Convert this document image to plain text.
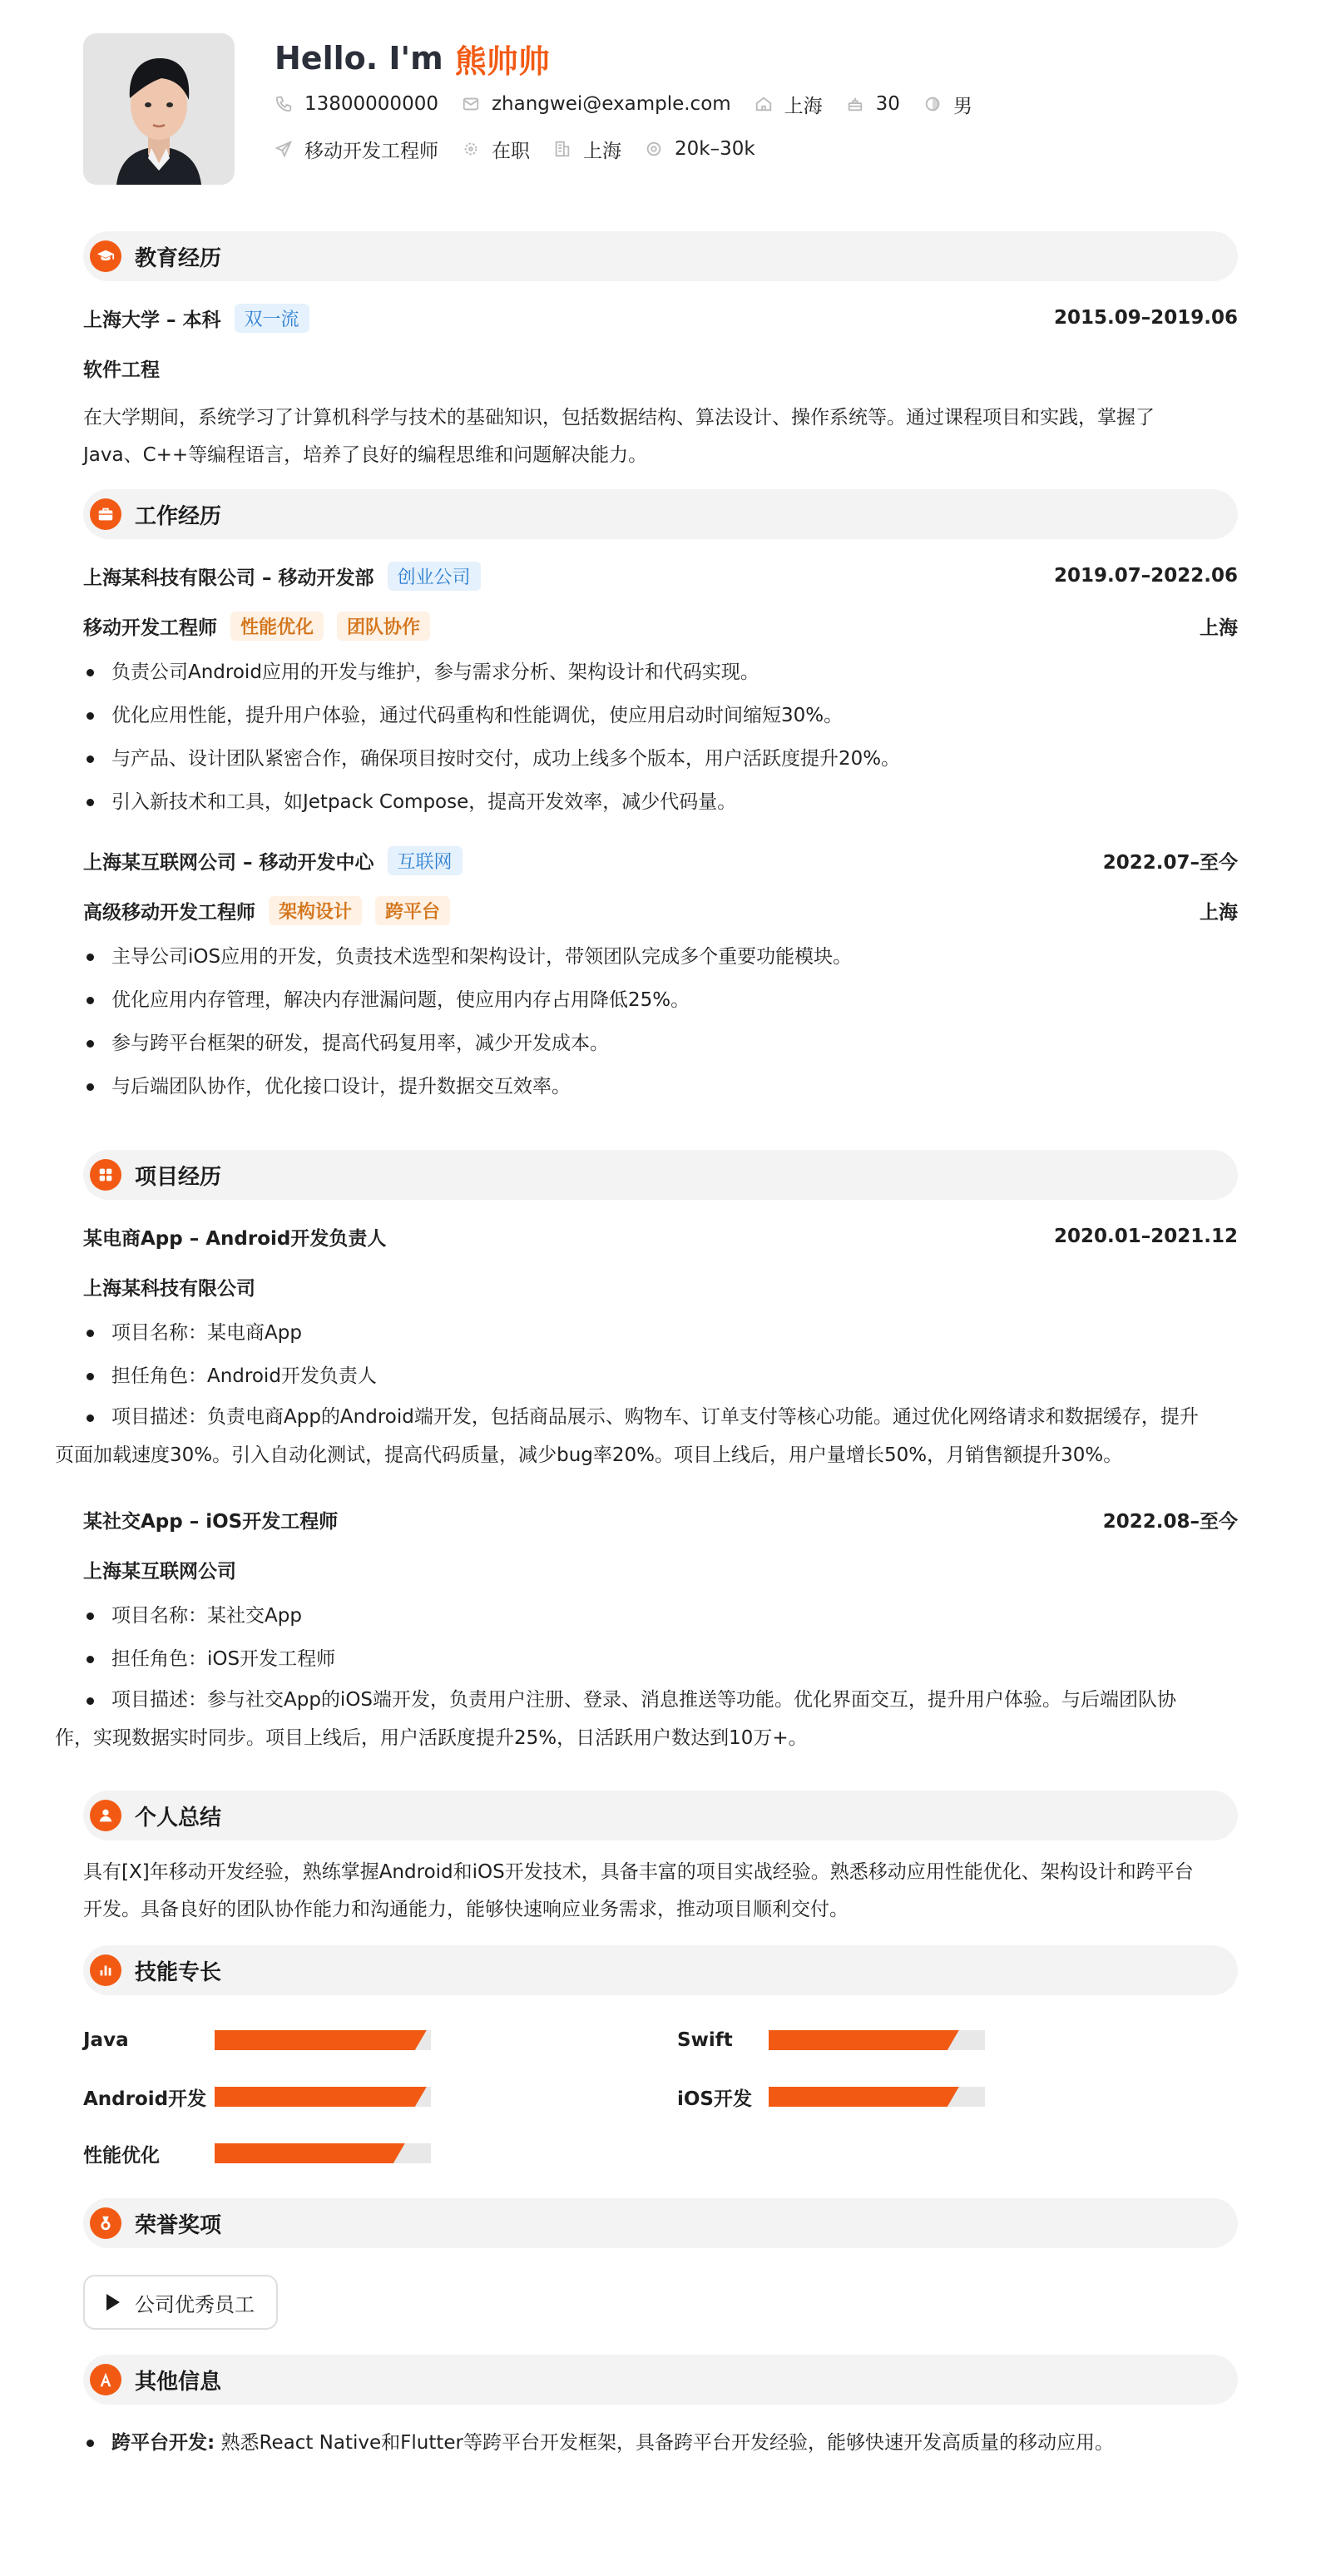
Hello. I'm 熊帅帅
13800000000	zhangwei@example.com	上海	30	男
移动开发工程师	在职	上海	20k–30k
教育经历
上海大学 – 本科	双一流	2015.09–2019.06
软件工程
在大学期间，系统学习了计算机科学与技术的基础知识，包括数据结构、算法设计、操作系统等。通过课程项目和实践，掌握了
Java、C++等编程语言，培养了良好的编程思维和问题解决能力。
工作经历
上海某科技有限公司 – 移动开发部	创业公司	2019.07–2022.06
移动开发工程师	性能优化	团队协作	上海
负责公司Android应用的开发与维护，参与需求分析、架构设计和代码实现。
优化应用性能，提升用户体验，通过代码重构和性能调优，使应用启动时间缩短30%。
与产品、设计团队紧密合作，确保项目按时交付，成功上线多个版本，用户活跃度提升20%。
引入新技术和工具，如Jetpack Compose，提高开发效率，减少代码量。
上海某互联网公司 – 移动开发中心	互联网	2022.07–至今
高级移动开发工程师	架构设计	跨平台	上海
主导公司iOS应用的开发，负责技术选型和架构设计，带领团队完成多个重要功能模块。
优化应用内存管理，解决内存泄漏问题，使应用内存占用降低25%。
参与跨平台框架的研发，提高代码复用率，减少开发成本。
与后端团队协作，优化接口设计，提升数据交互效率。
项目经历
某电商App – Android开发负责人	2020.01–2021.12
上海某科技有限公司
项目名称：某电商App
担任角色：Android开发负责人
项目描述：负责电商App的Android端开发，包括商品展示、购物车、订单支付等核心功能。通过优化网络请求和数据缓存，提升
页面加载速度30%。引入自动化测试，提高代码质量，减少bug率20%。项目上线后，用户量增长50%，月销售额提升30%。
某社交App – iOS开发工程师	2022.08–至今
上海某互联网公司
项目名称：某社交App
担任角色：iOS开发工程师
项目描述：参与社交App的iOS端开发，负责用户注册、登录、消息推送等功能。优化界面交互，提升用户体验。与后端团队协
作，实现数据实时同步。项目上线后，用户活跃度提升25%，日活跃用户数达到10万+。
个人总结
具有[X]年移动开发经验，熟练掌握Android和iOS开发技术，具备丰富的项目实战经验。熟悉移动应用性能优化、架构设计和跨平台
开发。具备良好的团队协作能力和沟通能力，能够快速响应业务需求，推动项目顺利交付。
技能专长
Java	Swift
Android开发	iOS开发
性能优化
荣誉奖项
公司优秀员工
其他信息
跨平台开发: 熟悉React Native和Flutter等跨平台开发框架，具备跨平台开发经验，能够快速开发高质量的移动应用。
